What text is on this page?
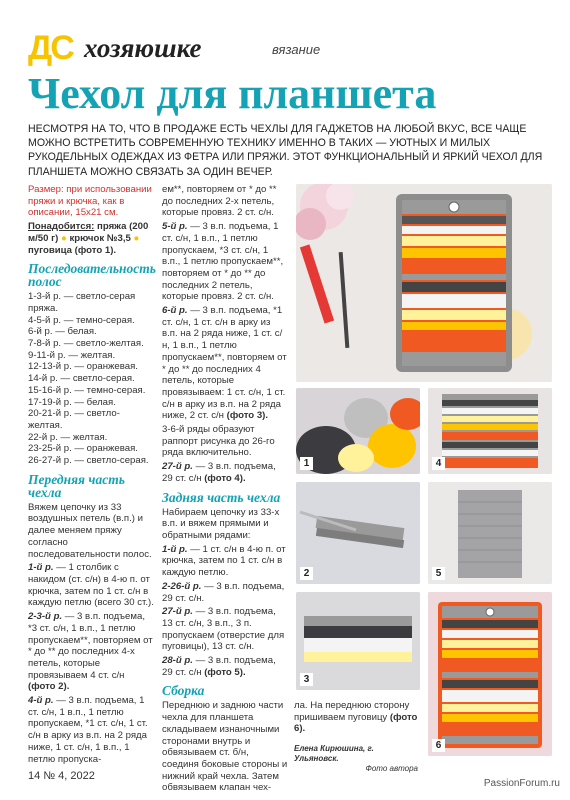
ДС хозяюшке	вязание
Чехол для планшета
НЕСМОТРЯ НА ТО, ЧТО В ПРОДАЖЕ ЕСТЬ ЧЕХЛЫ ДЛЯ ГАДЖЕТОВ НА ЛЮБОЙ ВКУС, ВСЕ ЧАЩЕ МОЖНО ВСТРЕТИТЬ СОВРЕМЕННУЮ ТЕХНИКУ ИМЕННО В ТАКИХ — УЮТНЫХ И МИЛЫХ РУКОДЕЛЬНЫХ ОДЕЖДАХ ИЗ ФЕТРА ИЛИ ПРЯЖИ. ЭТОТ ФУНКЦИОНАЛЬНЫЙ И ЯРКИЙ ЧЕХОЛ ДЛЯ ПЛАНШЕТА МОЖНО СВЯЗАТЬ ЗА ОДИН ВЕЧЕР.
Размер: при использовании пряжи и крючка, как в описании, 15x21 см.
Понадобится: пряжа (200 м/50 г) ● крючок №3,5 ● пуговица (фото 1).
Последовательность полос
1-3-й р. — светло-серая пряжа.
4-5-й р. — темно-серая.
6-й р. — белая.
7-8-й р. — светло-желтая.
9-11-й р. — желтая.
12-13-й р. — оранжевая.
14-й р. — светло-серая.
15-16-й р. — темно-серая.
17-19-й р. — белая.
20-21-й р. — светло-желтая.
22-й р. — желтая.
23-25-й р. — оранжевая.
26-27-й р. — светло-серая.
Передняя часть чехла
Вяжем цепочку из 33 воздушных петель (в.п.) и далее меняем пряжу согласно последовательности полос.
1-й р. — 1 столбик с накидом (ст. с/н) в 4-ю п. от крючка, затем по 1 ст. с/н в каждую петлю (всего 30 ст.).
2-3-й р. — 3 в.п. подъема, *3 ст. с/н, 1 в.п., 1 петлю пропускаем**, повторяем от * до ** до последних 4-х петель, которые провязываем 4 ст. с/н (фото 2).
4-й р. — 3 в.п. подъема, 1 ст. с/н, 1 в.п., 1 петлю пропускаем, *1 ст. с/н, 1 ст. с/н в арку из в.п. на 2 ряда ниже, 1 ст. с/н, 1 в.п., 1 петлю пропуска-
ем**, повторяем от * до ** до последних 2-х петель, которые провяз. 2 ст. с/н.
5-й р. — 3 в.п. подъема, 1 ст. с/н, 1 в.п., 1 петлю пропускаем, *3 ст. с/н, 1 в.п., 1 петлю пропускаем**, повторяем от * до ** до последних 2 петель, которые провяз. 2 ст. с/н.
6-й р. — 3 в.п. подъема, *1 ст. с/н, 1 ст. с/н в арку из в.п. на 2 ряда ниже, 1 ст. с/н, 1 в.п., 1 петлю пропускаем**, повторяем от * до ** до последних 4 петель, которые провязываем: 1 ст. с/н, 1 ст. с/н в арку из в.п. на 2 ряда ниже, 2 ст. с/н (фото 3).
3-6-й ряды образуют раппорт рисунка до 26-го ряда включительно.
27-й р. — 3 в.п. подъема, 29 ст. с/н (фото 4).
Задняя часть чехла
Набираем цепочку из 33-х в.п. и вяжем прямыми и обратными рядами:
1-й р. — 1 ст. с/н в 4-ю п. от крючка, затем по 1 ст. с/н в каждую петлю.
2-26-й р. — 3 в.п. подъема, 29 ст. с/н.
27-й р. — 3 в.п. подъема, 13 ст. с/н, 3 в.п., 3 п. пропускаем (отверстие для пуговицы), 13 ст. с/н.
28-й р. — 3 в.п. подъема, 29 ст. с/н (фото 5).
Сборка
Переднюю и заднюю части чехла для планшета складываем изнаночными сторонами внутрь и обвязываем ст. б/н, соединя боковые стороны и нижний край чехла. Затем обвязываем клапан чех-
ла. На переднюю сторону пришиваем пуговицу (фото 6).
Елена Кирюшина, г. Ульяновск.
Фото автора
1	4
2	5
3
6
14 № 4, 2022
PassionForum.ru
